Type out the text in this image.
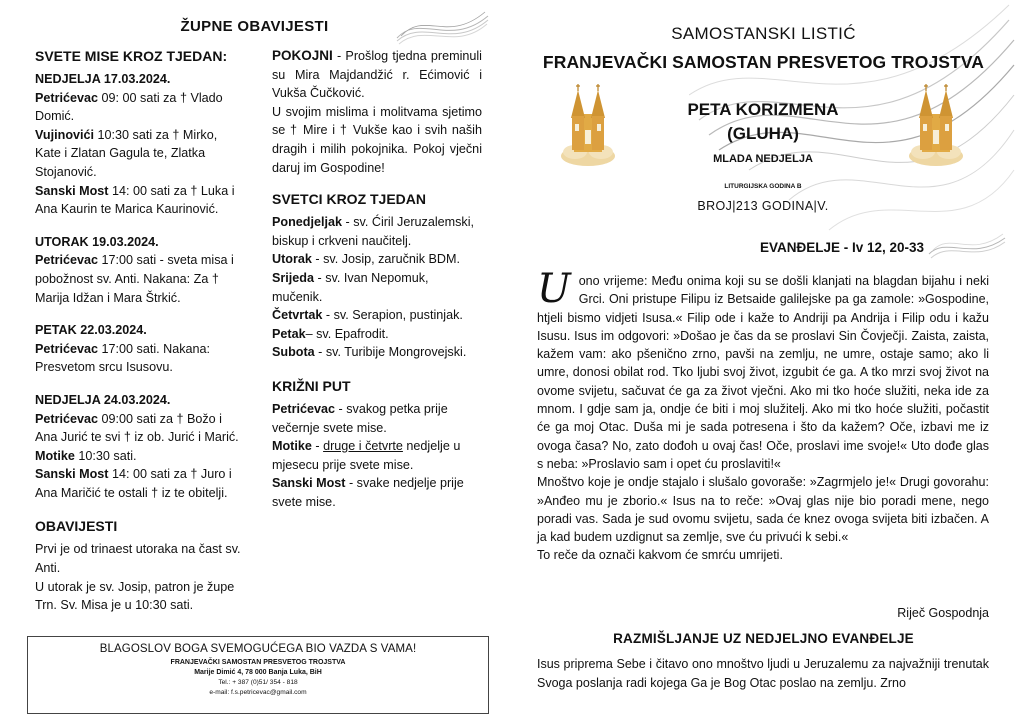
ŽUPNE OBAVIJESTI
SVETE MISE KROZ TJEDAN:

NEDJELJA 17.03.2024.

Petrićevac 09: 00 sati za † Vlado Domić.

Vujinovići 10:30 sati za † Mirko, Kate i Zlatan Gagula te, Zlatka Stojanović.

Sanski Most 14: 00 sati za † Luka i Ana Kaurin te Marica Kaurinović.

UTORAK 19.03.2024.

Petrićevac 17:00 sati - sveta misa i pobožnost sv. Anti. Nakana: Za † Marija Idžan i Mara Štrkić.

PETAK 22.03.2024.

Petrićevac 17:00 sati. Nakana: Presvetom srcu Isusovu.

NEDJELJA 24.03.2024.

Petrićevac 09:00 sati za † Božo i Ana Jurić te svi † iz ob. Jurić i Marić.

Motike 10:30 sati.

Sanski Most 14: 00 sati za † Juro i Ana Maričić te ostali † iz te obitelji.

OBAVIJESTI

Prvi je od trinaest utoraka na čast sv. Anti.

U utorak je sv. Josip, patron je župe Trn. Sv. Misa je u 10:30 sati.

POKOJNI - Prošlog tjedna preminuli su Mira Majdandžić r. Ećimović i Vukša Čučković.
U svojim mislima i molitvama sjetimo se † Mire i † Vukše kao i svih naših dragih i milih pokojnika. Pokoj vječni daruj im Gospodine!

SVETCI KROZ TJEDAN

Ponedjeljak - sv. Ćiril Jeruzalemski, biskup i crkveni naučitelj.

Utorak - sv. Josip, zaručnik BDM.

Srijeda - sv. Ivan Nepomuk, mučenik.

Četvrtak - sv. Serapion, pustinjak.

Petak– sv. Epafrodit.

Subota - sv. Turibije Mongrovejski.

KRIŽNI PUT

Petrićevac - svakog petka prije večernje svete mise.

Motike - druge i četvrte nedjelje u mjesecu prije svete mise.

Sanski Most - svake nedjelje prije svete mise.

BLAGOSLOV BOGA SVEMOGUĆEGA BIO VAZDA S VAMA!
FRANJEVAČKI SAMOSTAN PRESVETOG TROJSTVA
Marije Dimić 4, 78 000 Banja Luka, BiH
Tel.: + 387 (0)51/ 354 - 818
e-mail: f.s.petricevac@gmail.com
SAMOSTANSKI LISTIĆ
FRANJEVAČKI SAMOSTAN PRESVETOG TROJSTVA
PETA KORIZMENA
(GLUHA)
MLADA NEDJELJA
LITURGIJSKA GODINA B
BROJ|213 GODINA|V.
EVANĐELJE - Iv 12, 20-33
U ono vrijeme: Među onima koji su se došli klanjati na blagdan bijahu i neki Grci. Oni pristupe Filipu iz Betsaide galilejske pa ga zamole: »Gospodine, htjeli bismo vidjeti Isusa.« Filip ode i kaže to Andriji pa Andrija i Filip odu i kažu Isusu. Isus im odgovori: »Došao je čas da se proslavi Sin Čovječji. Zaista, zaista, kažem vam: ako pšenično zrno, pavši na zemlju, ne umre, ostaje samo; ako li umre, donosi obilat rod. Tko ljubi svoj život, izgubit će ga. A tko mrzi svoj život na ovome svijetu, sačuvat će ga za život vječni. Ako mi tko hoće služiti, neka ide za mnom. I gdje sam ja, ondje će biti i moj služitelj. Ako mi tko hoće služiti, počastit će ga moj Otac. Duša mi je sada potresena i što da kažem? Oče, izbavi me iz ovoga časa? No, zato dođoh u ovaj čas! Oče, proslavi ime svoje!« Uto dođe glas s neba: »Proslavio sam i opet ću proslaviti!«
Mnoštvo koje je ondje stajalo i slušalo govoraše: »Zagrmjelo je!« Drugi govorahu: »Anđeo mu je zborio.« Isus na to reče: »Ovaj glas nije bio poradi mene, nego poradi vas. Sada je sud ovomu svijetu, sada će knez ovoga svijeta biti izbačen. A ja kad budem uzdignut sa zemlje, sve ću privući k sebi.«
To reče da označi kakvom će smrću umrijeti.
Riječ Gospodnja
RAZMIŠLJANJE UZ NEDJELJNO EVANĐELJE
Isus pripremа Sebe i čitavo ono mnoštvo ljudi u Jeruzalemu za najvažniji trenutak Svoga poslanja radi kojega Ga je Bog Otac poslao na zemlju. Zrno
